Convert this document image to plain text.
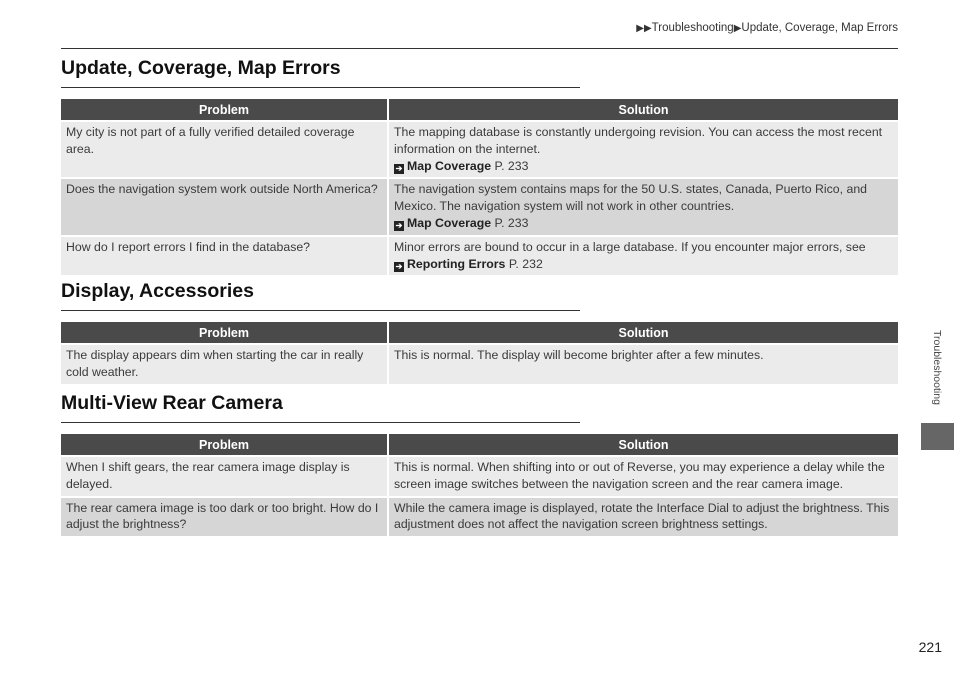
▶▶Troubleshooting▶Update, Coverage, Map Errors
Update, Coverage, Map Errors
Problem	Solution
My city is not part of a fully verified detailed coverage area.	The mapping database is constantly undergoing revision. You can access the most recent information on the internet.
➔ Map Coverage P. 233

Does the navigation system work outside North America?	The navigation system contains maps for the 50 U.S. states, Canada, Puerto Rico, and Mexico. The navigation system will not work in other countries.
➔ Map Coverage P. 233

How do I report errors I find in the database?	Minor errors are bound to occur in a large database. If you encounter major errors, see
➔ Reporting Errors P. 232
Display, Accessories
Problem	Solution
The display appears dim when starting the car in really cold weather.	This is normal. The display will become brighter after a few minutes.
Multi-View Rear Camera
Problem	Solution
When I shift gears, the rear camera image display is delayed.	This is normal. When shifting into or out of Reverse, you may experience a delay while the screen image switches between the navigation screen and the rear camera image.
The rear camera image is too dark or too bright. How do I adjust the brightness?	While the camera image is displayed, rotate the Interface Dial to adjust the brightness. This adjustment does not affect the navigation screen brightness settings.
Troubleshooting
221
